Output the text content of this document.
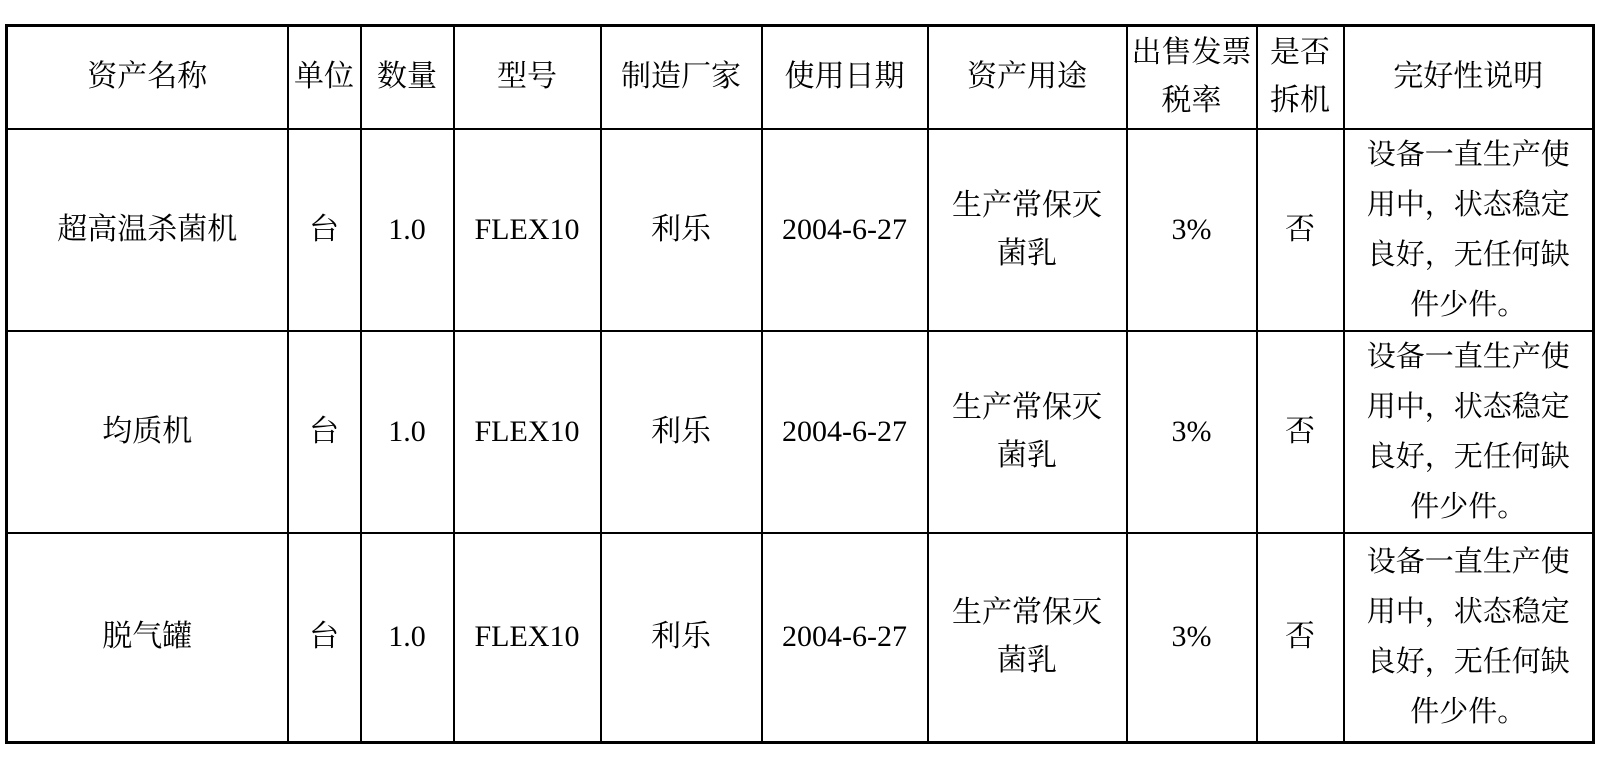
资产名称	单位	数量	型号	制造厂家	使用日期	资产用途	出售发票税率	是否拆机	完好性说明
超高温杀菌机	台	1.0	FLEX10	利乐	2004-6-27	生产常保灭菌乳	3%	否	设备一直生产使用中，状态稳定良好，无任何缺件少件。
均质机	台	1.0	FLEX10	利乐	2004-6-27	生产常保灭菌乳	3%	否	设备一直生产使用中，状态稳定良好，无任何缺件少件。
脱气罐	台	1.0	FLEX10	利乐	2004-6-27	生产常保灭菌乳	3%	否	设备一直生产使用中，状态稳定良好，无任何缺件少件。
